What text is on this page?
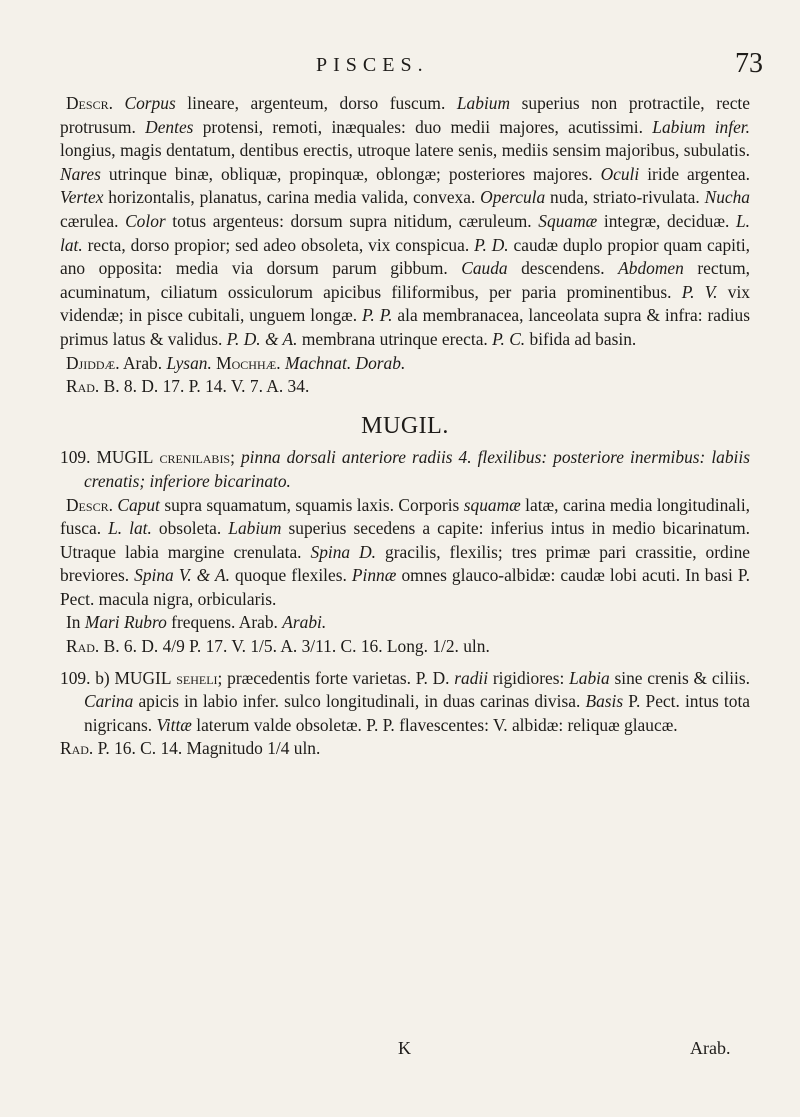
PISCES.	73

Descr. Corpus lineare, argenteum, dorso fuscum. Labium superius non protractile, recte protrusum. Dentes protensi, remoti, inæquales: duo medii majores, acutissimi. Labium infer. longius, magis dentatum, dentibus erectis, utroque latere senis, mediis sensim majoribus, subulatis. Nares utrinque binæ, obliquæ, propinquæ, oblongæ; posteriores majores. Oculi iride argentea. Vertex horizontalis, planatus, carina media valida, convexa. Opercula nuda, striato-rivulata. Nucha cærulea. Color totus argenteus: dorsum supra nitidum, cæruleum. Squamæ integræ, deciduæ. L. lat. recta, dorso propior; sed adeo obsoleta, vix conspicua. P. D. caudæ duplo propior quam capiti, ano opposita: media via dorsum parum gibbum. Cauda descendens. Abdomen rectum, acuminatum, ciliatum ossiculorum apicibus filiformibus, per paria prominentibus. P. V. vix videndæ; in pisce cubitali, unguem longæ. P. P. ala membranacea, lanceolata supra & infra: radius primus latus & validus. P. D. & A. membrana utrinque erecta. P. C. bifida ad basin.

Djiddæ. Arab. Lysan. Mochhæ. Machnat. Dorab.

Rad. B. 8. D. 17. P. 14. V. 7. A. 34.

MUGIL.

109. MUGIL crenilabis; pinna dorsali anteriore radiis 4. flexilibus: posteriore inermibus: labiis crenatis; inferiore bicarinato.

Descr. Caput supra squamatum, squamis laxis. Corporis squamæ latæ, carina media longitudinali, fusca. L. lat. obsoleta. Labium superius secedens a capite: inferius intus in medio bicarinatum. Utraque labia margine crenulata. Spina D. gracilis, flexilis; tres primæ pari crassitie, ordine breviores. Spina V. & A. quoque flexiles. Pinnæ omnes glauco-albidæ: caudæ lobi acuti. In basi P. Pect. macula nigra, orbicularis.

In Mari Rubro frequens. Arab. Arabi.

Rad. B. 6. D. 4/9 P. 17. V. 1/5. A. 3/11. C. 16. Long. 1/2. uln.

109. b) MUGIL seheli; præcedentis forte varietas. P. D. radii rigidiores: Labia sine crenis & ciliis. Carina apicis in labio infer. sulco longitudinali, in duas carinas divisa. Basis P. Pect. intus tota nigricans. Vittæ laterum valde obsoletæ. P. P. flavescentes: V. albidæ: reliquæ glaucæ.

Rad. P. 16. C. 14. Magnitudo 1/4 uln.

K	Arab.
